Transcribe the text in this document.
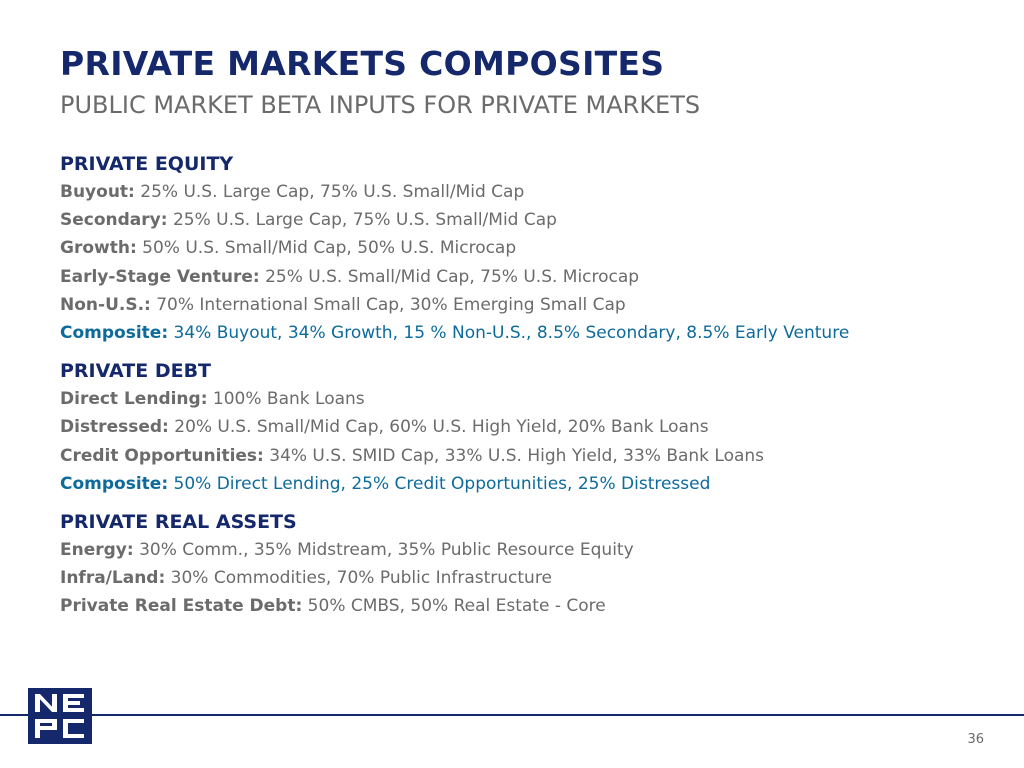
PRIVATE MARKETS COMPOSITES
PUBLIC MARKET BETA INPUTS FOR PRIVATE MARKETS
PRIVATE EQUITY
Buyout: 25% U.S. Large Cap, 75% U.S. Small/Mid Cap
Secondary: 25% U.S. Large Cap, 75% U.S. Small/Mid Cap
Growth: 50% U.S. Small/Mid Cap, 50% U.S. Microcap
Early-Stage Venture: 25% U.S. Small/Mid Cap, 75% U.S. Microcap
Non-U.S.: 70% International Small Cap, 30% Emerging Small Cap
Composite: 34% Buyout, 34% Growth, 15 % Non-U.S., 8.5% Secondary, 8.5% Early Venture
PRIVATE DEBT
Direct Lending: 100% Bank Loans
Distressed: 20% U.S. Small/Mid Cap, 60% U.S. High Yield, 20% Bank Loans
Credit Opportunities: 34% U.S. SMID Cap, 33% U.S. High Yield, 33% Bank Loans
Composite: 50% Direct Lending, 25% Credit Opportunities, 25% Distressed
PRIVATE REAL ASSETS
Energy: 30% Comm., 35% Midstream, 35% Public Resource Equity
Infra/Land: 30% Commodities, 70% Public Infrastructure
Private Real Estate Debt: 50% CMBS, 50% Real Estate - Core
36
